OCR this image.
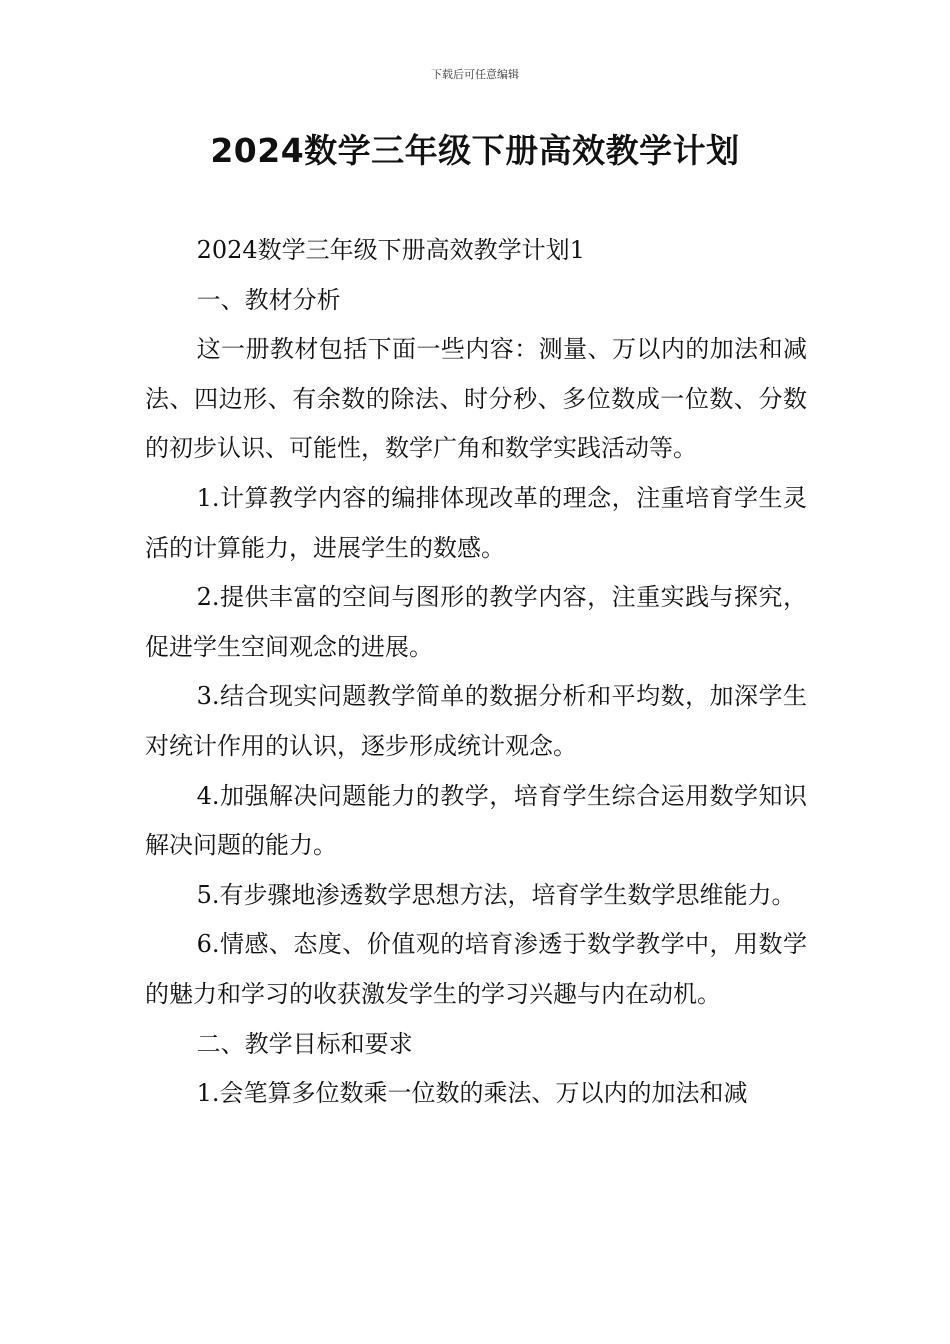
下载后可任意编辑
2024数学三年级下册高效教学计划

2024数学三年级下册高效教学计划1

一、教材分析

这一册教材包括下面一些内容：测量、万以内的加法和减法、四边形、有余数的除法、时分秒、多位数成一位数、分数的初步认识、可能性，数学广角和数学实践活动等。

1.计算教学内容的编排体现改革的理念，注重培育学生灵活的计算能力，进展学生的数感。

2.提供丰富的空间与图形的教学内容，注重实践与探究，促进学生空间观念的进展。

3.结合现实问题教学简单的数据分析和平均数，加深学生对统计作用的认识，逐步形成统计观念。

4.加强解决问题能力的教学，培育学生综合运用数学知识解决问题的能力。

5.有步骤地渗透数学思想方法，培育学生数学思维能力。

6.情感、态度、价值观的培育渗透于数学教学中，用数学的魅力和学习的收获激发学生的学习兴趣与内在动机。

二、教学目标和要求

1.会笔算多位数乘一位数的乘法、万以内的加法和减
